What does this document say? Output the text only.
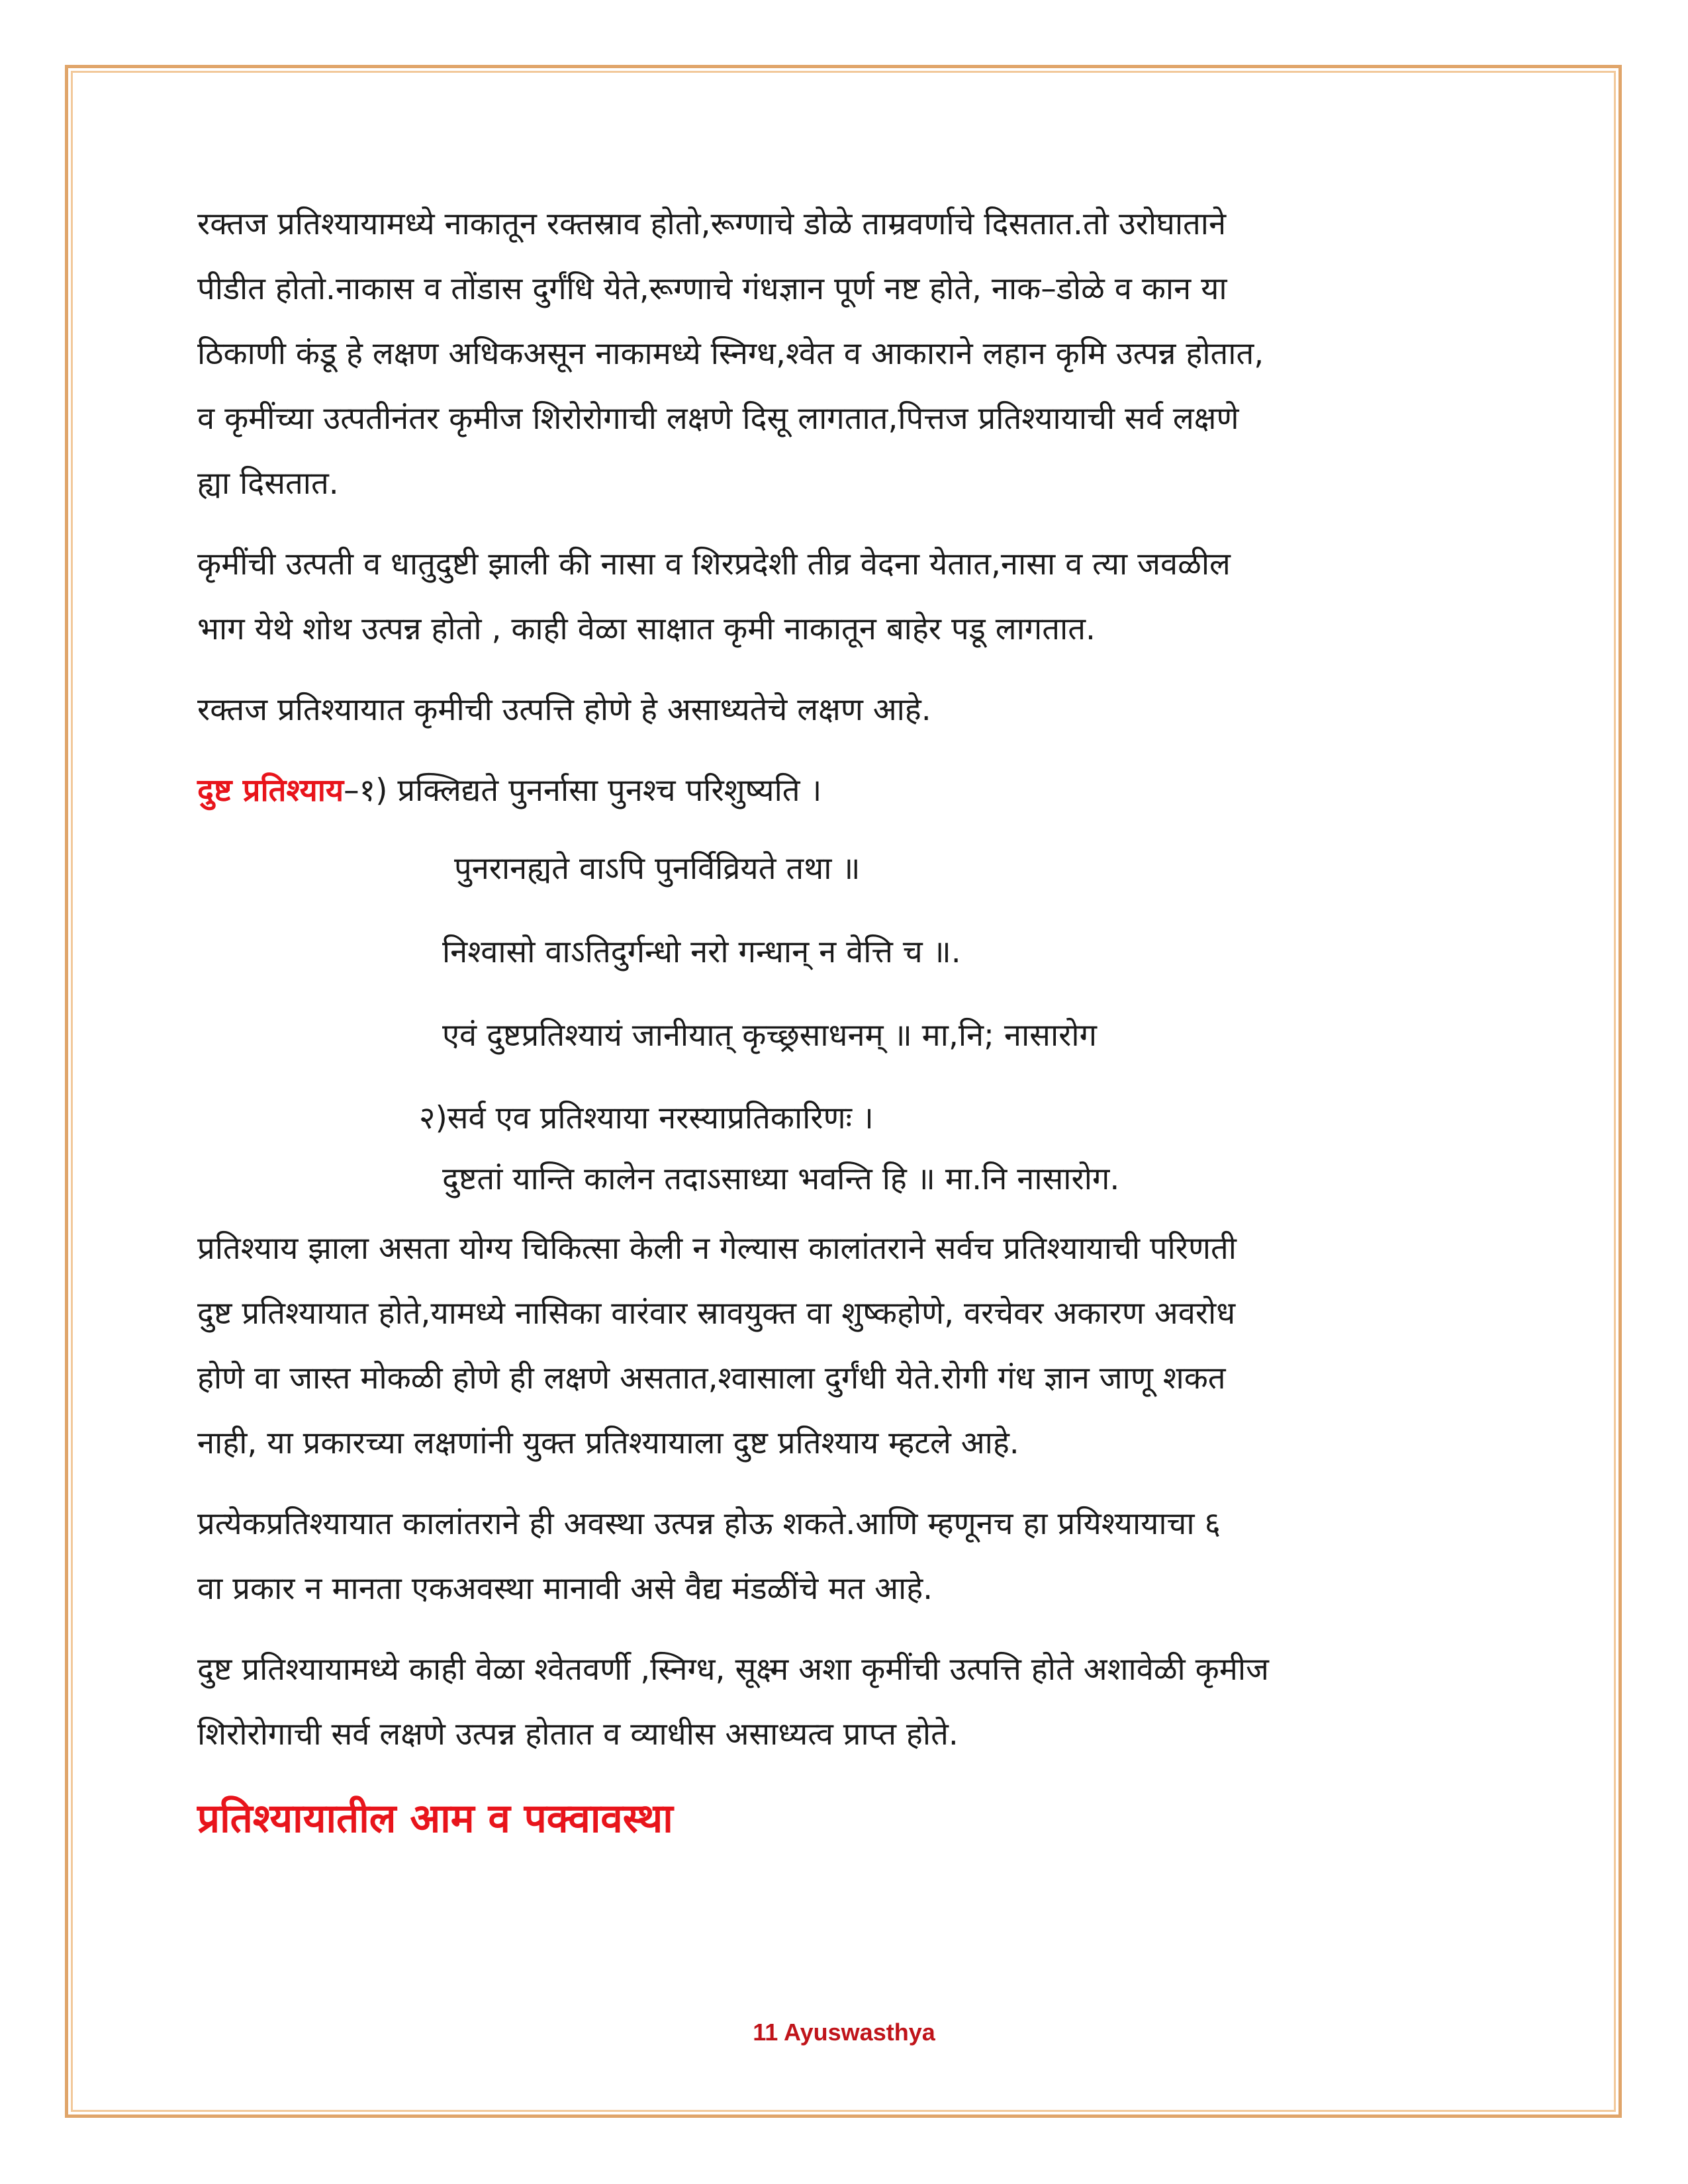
रक्तज प्रतिश्यायामध्ये नाकातून रक्तस्राव होतो,रूग्णाचे डोळे ताम्रवर्णाचे दिसतात.तो उरोघाताने
पीडीत होतो.नाकास व तोंडास दुर्गंधि येते,रूग्णाचे गंधज्ञान पूर्ण नष्ट होते, नाक–डोळे व कान या
ठिकाणी कंडू हे लक्षण अधिकअसून नाकामध्ये स्निग्ध,श्वेत व आकाराने लहान कृमि उत्पन्न होतात,
व कृमींच्या उत्पतीनंतर कृमीज शिरोरोगाची लक्षणे दिसू लागतात,पित्तज प्रतिश्यायाची सर्व लक्षणे
ह्या दिसतात.

कृमींची उत्पती व धातुदुष्टी झाली की नासा व शिरप्रदेशी तीव्र वेदना येतात,नासा व त्या जवळील
भाग येथे शोथ उत्पन्न होतो , काही वेळा साक्षात कृमी नाकातून बाहेर पडू लागतात.

रक्तज प्रतिश्यायात कृमीची उत्पत्ति होणे हे असाध्यतेचे लक्षण आहे.

दुष्ट प्रतिश्याय–१) प्रक्लिद्यते पुनर्नासा पुनश्च परिशुष्यति ।
पुनरानह्यते वाऽपि पुनर्विव्रियते तथा ॥
निश्वासो वाऽतिदुर्गन्धो नरो गन्धान् न वेत्ति च ॥.
एवं दुष्टप्रतिश्यायं जानीयात् कृच्छ्रसाधनम् ॥ मा,नि; नासारोग
२)सर्व एव प्रतिश्याया नरस्याप्रतिकारिणः ।
दुष्टतां यान्ति कालेन तदाऽसाध्या भवन्ति हि ॥ मा.नि नासारोग.

प्रतिश्याय झाला असता योग्य चिकित्सा केली न गेल्यास कालांतराने सर्वच प्रतिश्यायाची परिणती
दुष्ट प्रतिश्यायात होते,यामध्ये नासिका वारंवार स्रावयुक्त वा शुष्कहोणे, वरचेवर अकारण अवरोध
होणे वा जास्त मोकळी होणे ही लक्षणे असतात,श्वासाला दुर्गंधी येते.रोगी गंध ज्ञान जाणू शकत
नाही, या प्रकारच्या लक्षणांनी युक्त प्रतिश्यायाला दुष्ट प्रतिश्याय म्हटले आहे.

प्रत्येकप्रतिश्यायात कालांतराने ही अवस्था उत्पन्न होऊ शकते.आणि म्हणूनच हा प्रयिश्यायाचा ६
वा प्रकार न मानता एकअवस्था मानावी असे वैद्य मंडळींचे मत आहे.

दुष्ट प्रतिश्यायामध्ये काही वेळा श्वेतवर्णी ,स्निग्ध, सूक्ष्म अशा कृमींची उत्पत्ति होते अशावेळी कृमीज
शिरोरोगाची सर्व लक्षणे उत्पन्न होतात व व्याधीस असाध्यत्व प्राप्त होते.

प्रतिश्यायातील आम व पक्वावस्था
11 Ayuswasthya
